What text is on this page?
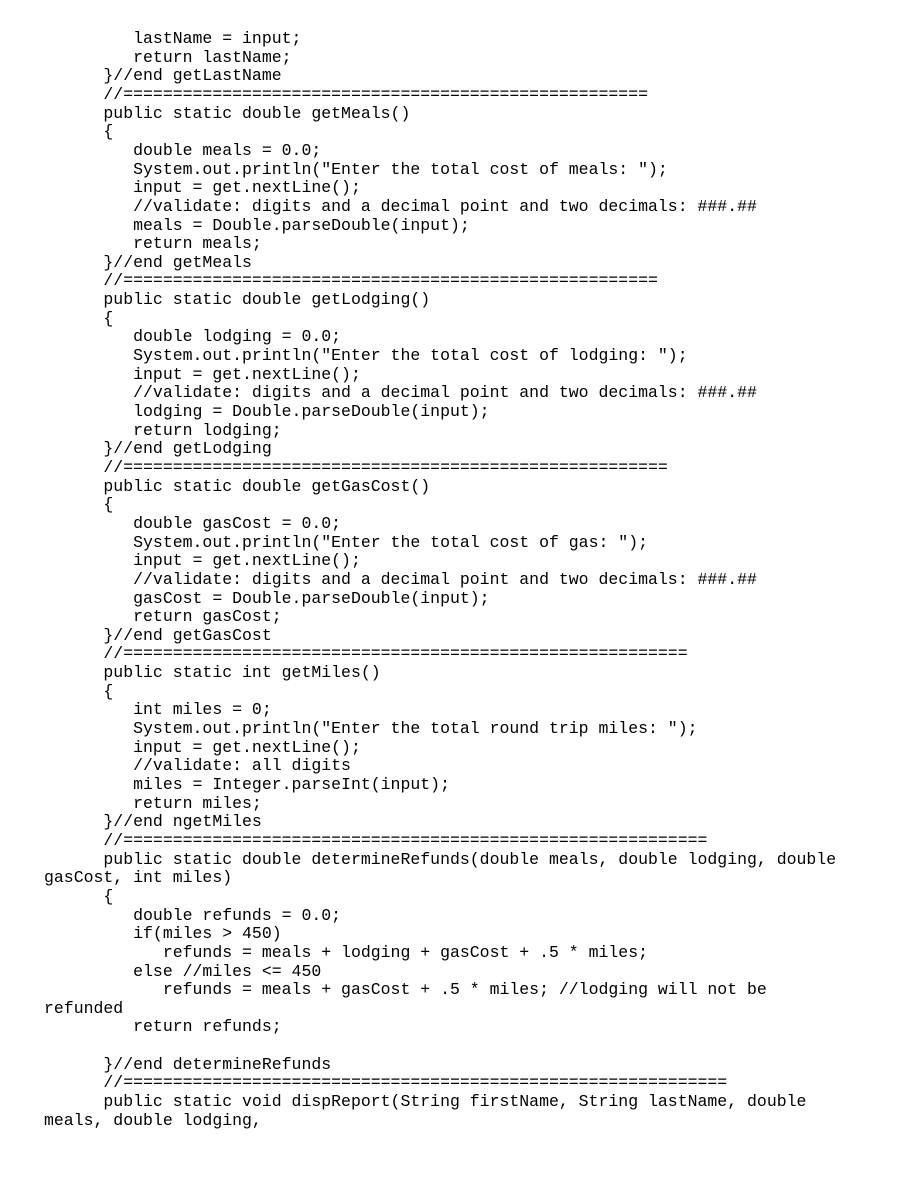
lastName = input;
return lastName;
}//end getLastName
//=====================================================
public static double getMeals()
{
double meals = 0.0;
System.out.println("Enter the total cost of meals: ");
input = get.nextLine();
//validate: digits and a decimal point and two decimals: ###.##
meals = Double.parseDouble(input);
return meals;
}//end getMeals
//======================================================
public static double getLodging()
{
double lodging = 0.0;
System.out.println("Enter the total cost of lodging: ");
input = get.nextLine();
//validate: digits and a decimal point and two decimals: ###.##
lodging = Double.parseDouble(input);
return lodging;
}//end getLodging
//=======================================================
public static double getGasCost()
{
double gasCost = 0.0;
System.out.println("Enter the total cost of gas: ");
input = get.nextLine();
//validate: digits and a decimal point and two decimals: ###.##
gasCost = Double.parseDouble(input);
return gasCost;
}//end getGasCost
//=========================================================
public static int getMiles()
{
int miles = 0;
System.out.println("Enter the total round trip miles: ");
input = get.nextLine();
//validate: all digits
miles = Integer.parseInt(input);
return miles;
}//end ngetMiles
//===========================================================
public static double determineRefunds(double meals, double lodging, double
gasCost, int miles)
{
double refunds = 0.0;
if(miles > 450)
refunds = meals + lodging + gasCost + .5 * miles;
else //miles <= 450
refunds = meals + gasCost + .5 * miles; //lodging will not be
refunded
return refunds;
}//end determineRefunds
//=============================================================
public static void dispReport(String firstName, String lastName, double
meals, double lodging,
